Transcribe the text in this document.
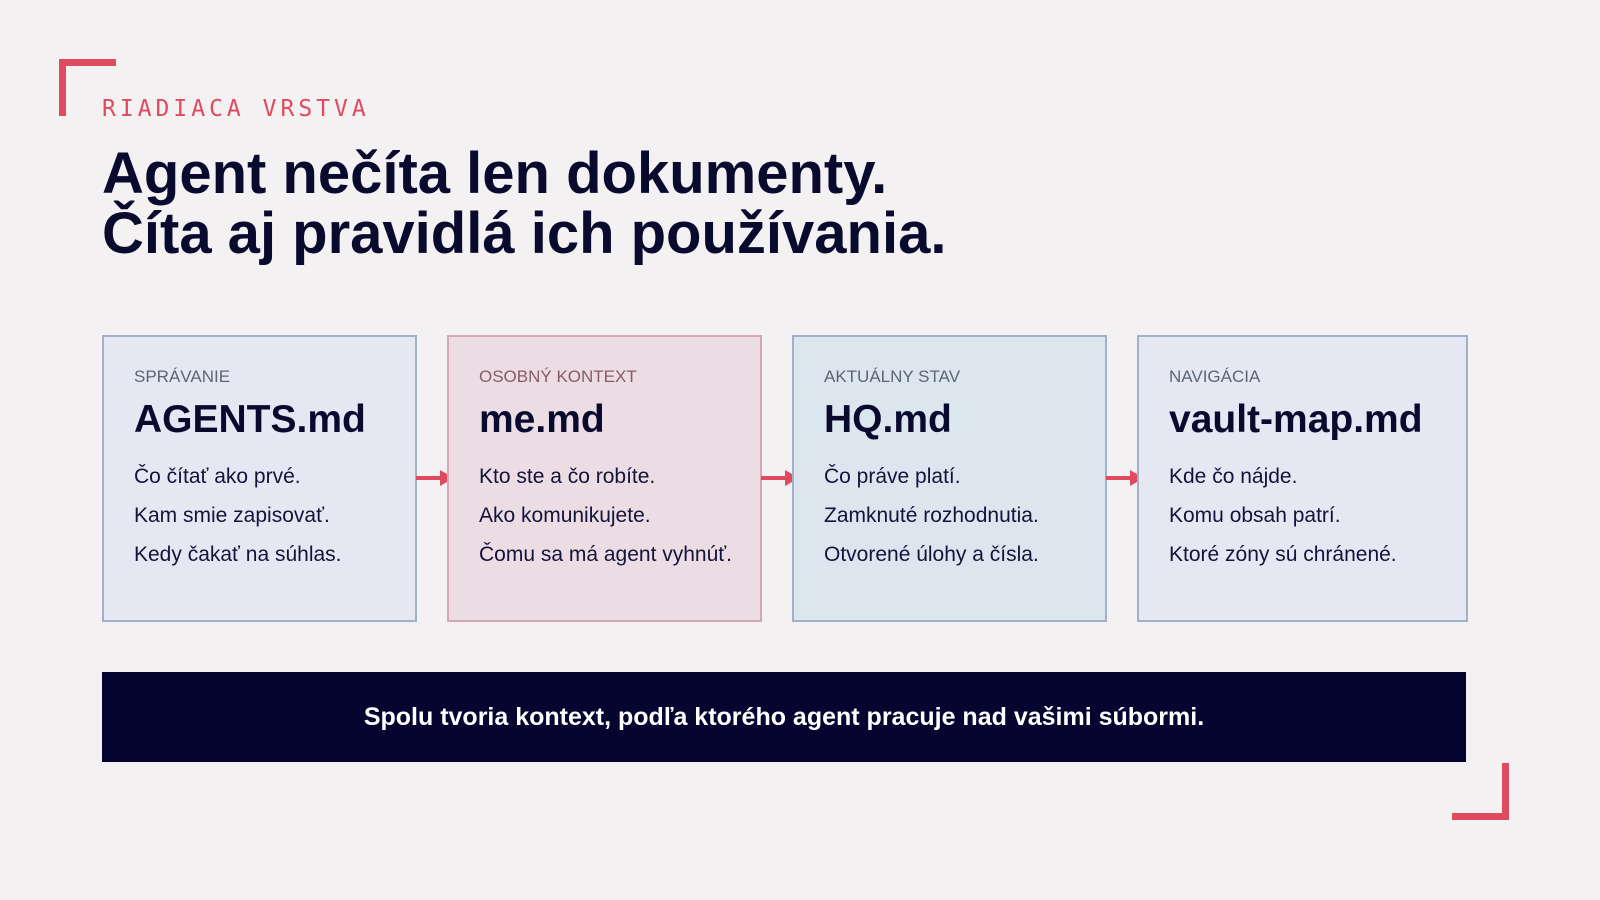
RIADIACA VRSTVA
Agent nečíta len dokumenty.
Číta aj pravidlá ich používania.
SPRÁVANIE
AGENTS.md
Čo čítať ako prvé.
Kam smie zapisovať.
Kedy čakať na súhlas.
OSOBNÝ KONTEXT
me.md
Kto ste a čo robíte.
Ako komunikujete.
Čomu sa má agent vyhnúť.
AKTUÁLNY STAV
HQ.md
Čo práve platí.
Zamknuté rozhodnutia.
Otvorené úlohy a čísla.
NAVIGÁCIA
vault-map.md
Kde čo nájde.
Komu obsah patrí.
Ktoré zóny sú chránené.
Spolu tvoria kontext, podľa ktorého agent pracuje nad vašimi súbormi.
